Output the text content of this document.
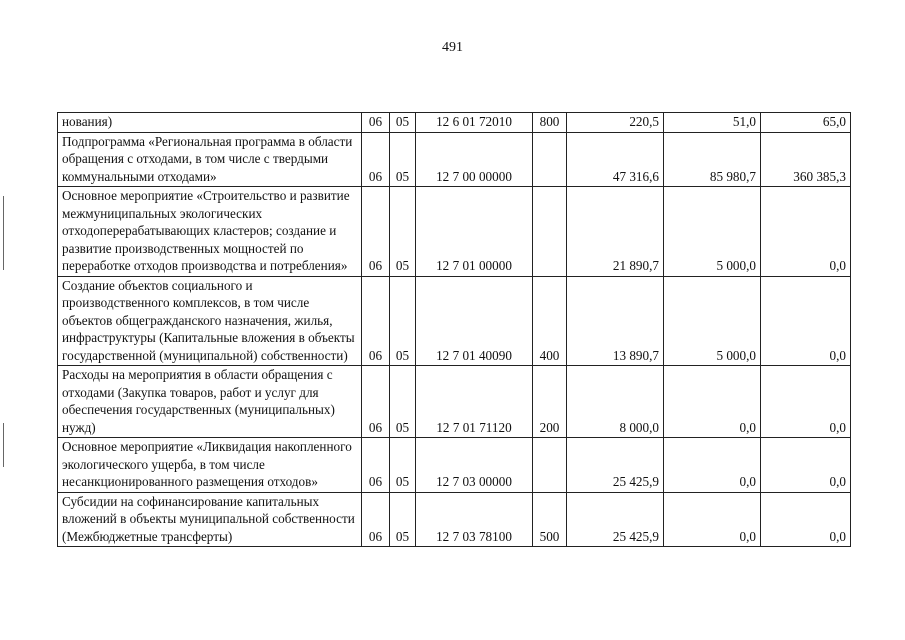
491
нования)	06	05	12 6 01 72010	800	220,5	51,0	65,0

Подпрограмма «Региональная программа в области обращения с отходами, в том числе с твердыми коммунальными отходами»	06	05	12 7 00 00000		47 316,6	85 980,7	360 385,3

Основное мероприятие «Строительство и развитие межмуниципальных экологических отходоперерабатывающих кластеров; создание и развитие производственных мощностей по переработке отходов производства и потребления»	06	05	12 7 01 00000		21 890,7	5 000,0	0,0

Создание объектов социального и производственного комплексов, в том числе объектов общегражданского назначения, жилья, инфраструктуры (Капитальные вложения в объекты государственной (муниципальной) собственности)	06	05	12 7 01 40090	400	13 890,7	5 000,0	0,0

Расходы на мероприятия в области обращения с отходами (Закупка товаров, работ и услуг для обеспечения государственных (муниципальных) нужд)	06	05	12 7 01 71120	200	8 000,0	0,0	0,0

Основное мероприятие «Ликвидация накопленного экологического ущерба, в том числе несанкционированного размещения отходов»	06	05	12 7 03 00000		25 425,9	0,0	0,0

Субсидии на софинансирование капитальных вложений в объекты муниципальной собственности (Межбюджетные трансферты)	06	05	12 7 03 78100	500	25 425,9	0,0	0,0
